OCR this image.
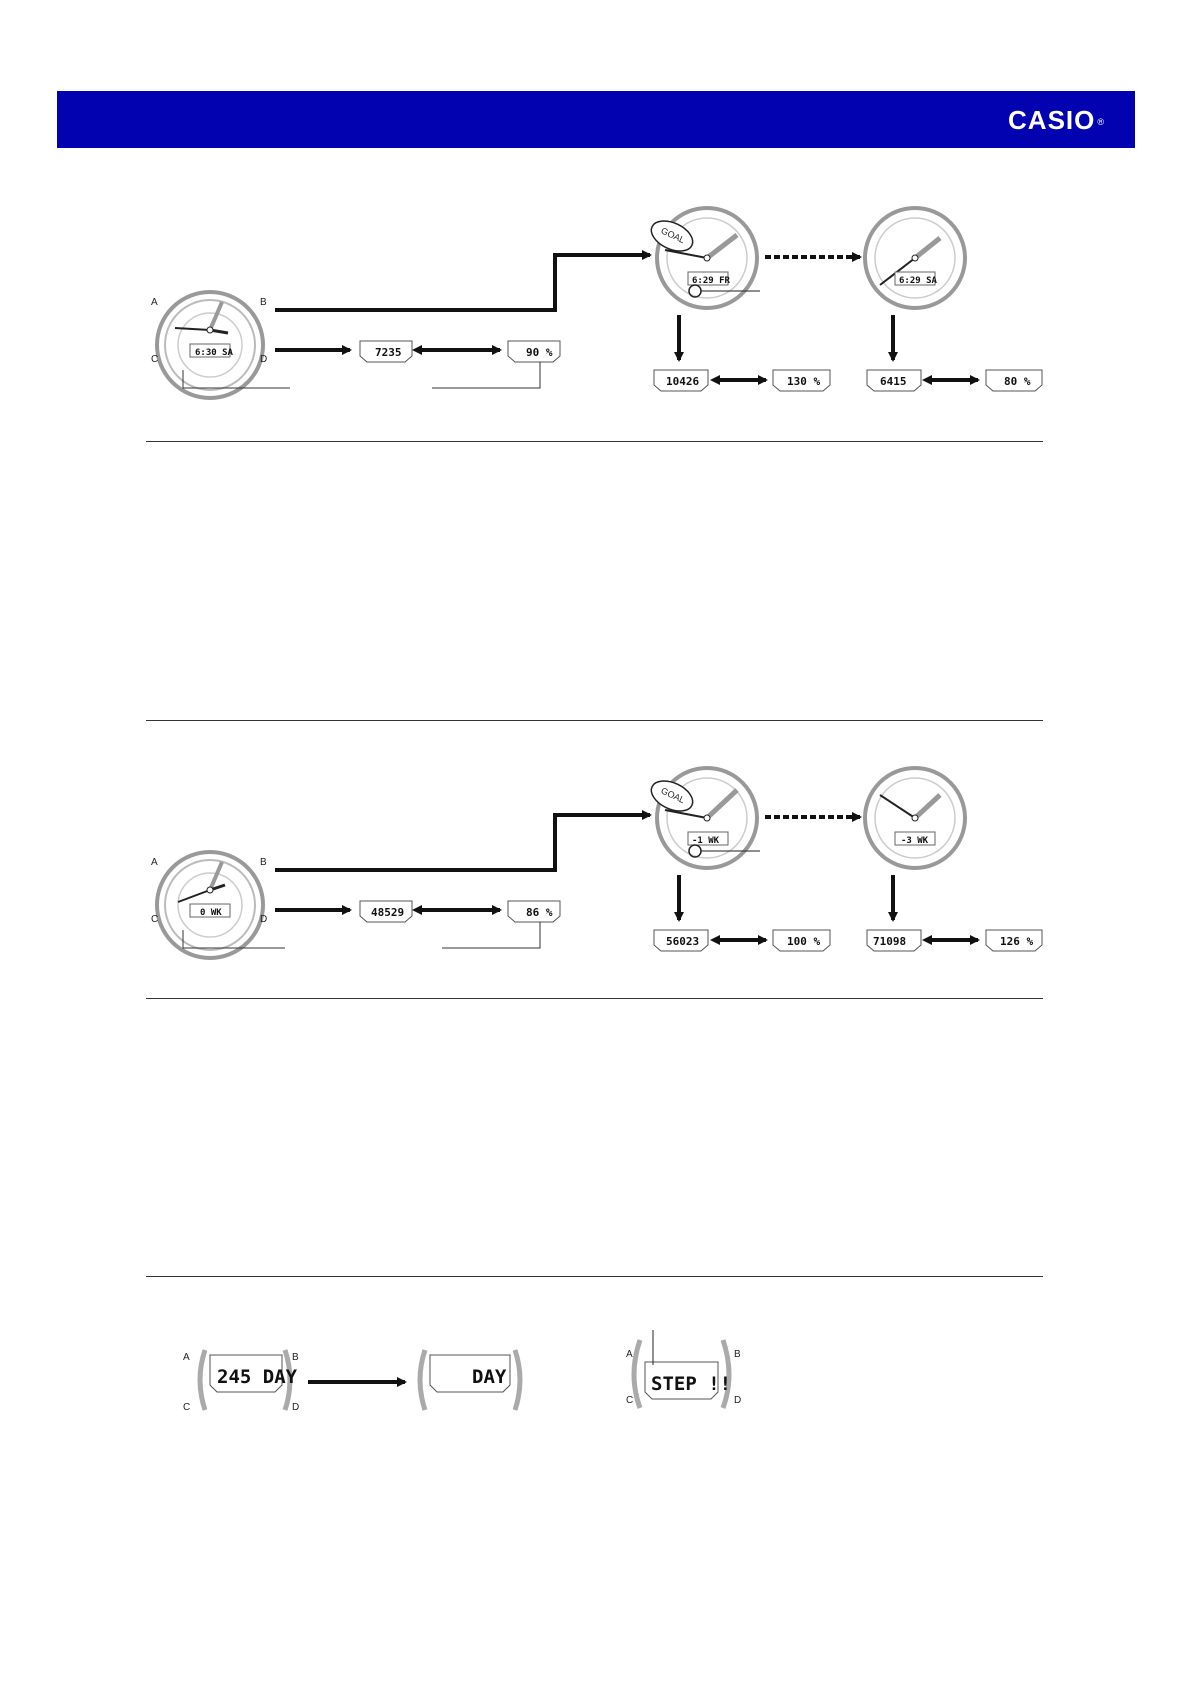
CASIO ®
6:30 SA
A	B
C	D
7235	90 %
6:29 FR
GOAL
6:29 SA
10426	130 %	6415	80 %
0 WK
A	B
C	D
48529	86 %
-1 WK
GOAL
-3 WK
56023	100 %	71098	126 %
245 DAY
A	B
C	D
DAY	STEP !!
A	B
C	D
